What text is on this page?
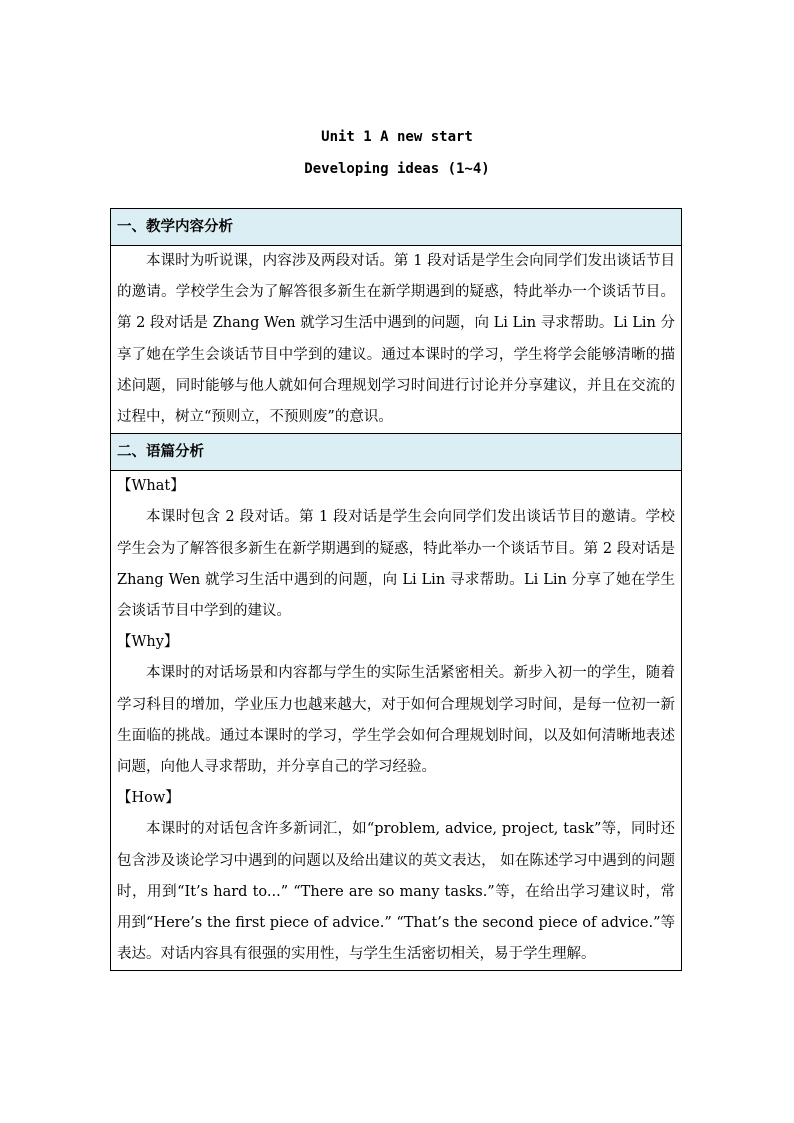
Unit 1 A new start
Developing ideas (1~4)
一、教学内容分析

本课时为听说课，内容涉及两段对话。第 1 段对话是学生会向同学们发出谈话节目的邀请。学校学生会为了解答很多新生在新学期遇到的疑惑，特此举办一个谈话节目。第 2 段对话是 Zhang Wen 就学习生活中遇到的问题，向 Li Lin 寻求帮助。Li Lin 分享了她在学生会谈话节目中学到的建议。通过本课时的学习，学生将学会能够清晰的描述问题，同时能够与他人就如何合理规划学习时间进行讨论并分享建议，并且在交流的过程中，树立“预则立，不预则废”的意识。

二、语篇分析

【What】

本课时包含 2 段对话。第 1 段对话是学生会向同学们发出谈话节目的邀请。学校学生会为了解答很多新生在新学期遇到的疑惑，特此举办一个谈话节目。第 2 段对话是 Zhang Wen 就学习生活中遇到的问题，向 Li Lin 寻求帮助。Li Lin 分享了她在学生会谈话节目中学到的建议。

【Why】

本课时的对话场景和内容都与学生的实际生活紧密相关。新步入初一的学生，随着学习科目的增加，学业压力也越来越大，对于如何合理规划学习时间，是每一位初一新生面临的挑战。通过本课时的学习，学生学会如何合理规划时间，以及如何清晰地表述问题，向他人寻求帮助，并分享自己的学习经验。

【How】

本课时的对话包含许多新词汇，如“problem, advice, project, task”等，同时还包含涉及谈论学习中遇到的问题以及给出建议的英文表达， 如在陈述学习中遇到的问题时，用到“It’s hard to...” “There are so many tasks.”等，在给出学习建议时，常用到“Here’s the first piece of advice.” “That’s the second piece of advice.”等表达。对话内容具有很强的实用性，与学生生活密切相关，易于学生理解。
